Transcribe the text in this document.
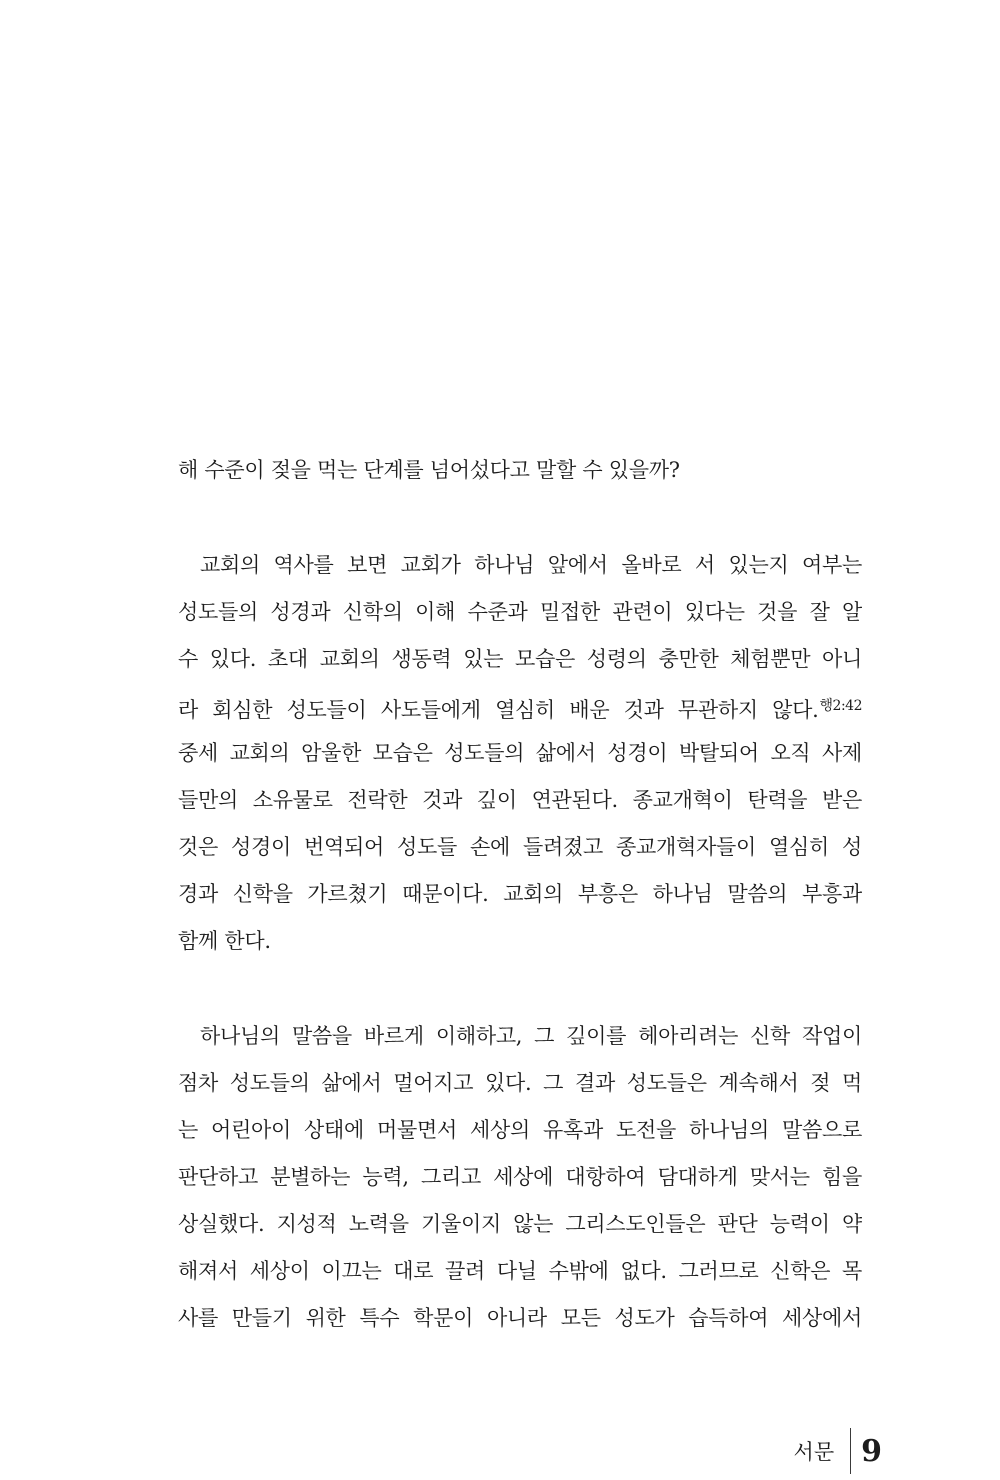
해 수준이 젖을 먹는 단계를 넘어섰다고 말할 수 있을까?
교회의 역사를 보면 교회가 하나님 앞에서 올바로 서 있는지 여부는
성도들의 성경과 신학의 이해 수준과 밀접한 관련이 있다는 것을 잘 알
수 있다. 초대 교회의 생동력 있는 모습은 성령의 충만한 체험뿐만 아니
라 회심한 성도들이 사도들에게 열심히 배운 것과 무관하지 않다.$^{행2:42}$
중세 교회의 암울한 모습은 성도들의 삶에서 성경이 박탈되어 오직 사제
들만의 소유물로 전락한 것과 깊이 연관된다. 종교개혁이 탄력을 받은
것은 성경이 번역되어 성도들 손에 들려졌고 종교개혁자들이 열심히 성
경과 신학을 가르쳤기 때문이다. 교회의 부흥은 하나님 말씀의 부흥과
함께 한다.
하나님의 말씀을 바르게 이해하고, 그 깊이를 헤아리려는 신학 작업이
점차 성도들의 삶에서 멀어지고 있다. 그 결과 성도들은 계속해서 젖 먹
는 어린아이 상태에 머물면서 세상의 유혹과 도전을 하나님의 말씀으로
판단하고 분별하는 능력, 그리고 세상에 대항하여 담대하게 맞서는 힘을
상실했다. 지성적 노력을 기울이지 않는 그리스도인들은 판단 능력이 약
해져서 세상이 이끄는 대로 끌려 다닐 수밖에 없다. 그러므로 신학은 목
사를 만들기 위한 특수 학문이 아니라 모든 성도가 습득하여 세상에서
서문 9
